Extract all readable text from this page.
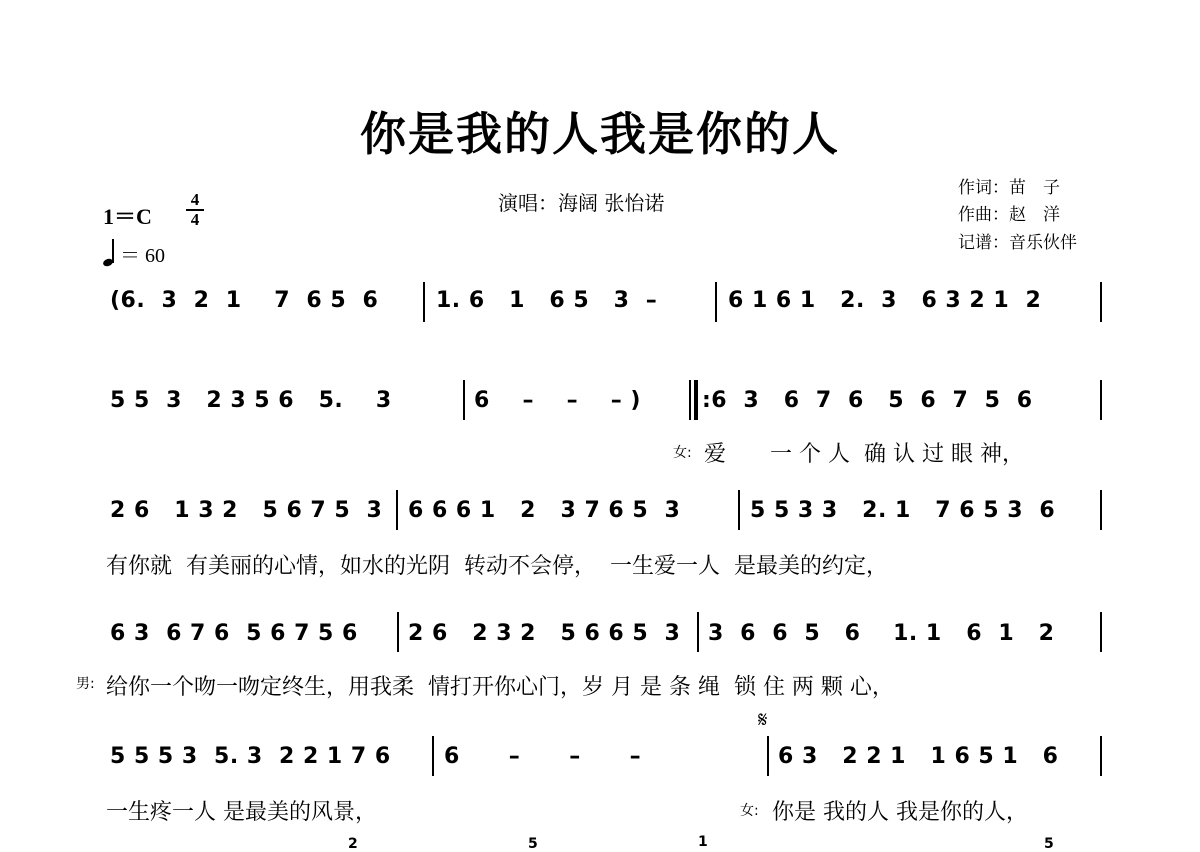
你是我的人我是你的人
演唱：海阔 张怡诺
作词：苗　子
作曲：赵　洋
记谱：音乐伙伴
1＝C
4
4
＝ 60
(6.  3  2  1    7  6 5  6	1. 6   1   6 5   3  –	6 1 6 1   2.  3   6 3 2 1  2
5 5  3   2 3 5 6   5.    3	6    –    –    – )	:6  3   6  7  6   5  6  7  5  6
女: 爱　　一 个 人  确 认 过 眼 神，
2 6   1 3 2   5 6 7 5  3 6 6 6 1   2   3 7 6 5  3	5 5 3 3   2. 1   7 6 5 3  6
有你就  有美丽的心情，如水的光阴  转动不会停，  一生爱一人  是最美的约定，
6 3  6 7 6  5 6 7 5 6 2 6   2 3 2   5 6 6 5  3 3  6  6  5   6    1. 1   6  1   2
男: 给你一个吻一吻定终生，用我柔  情打开你心门，岁 月 是 条 绳  锁 住 两 颗 心，
𝄋
5 5 5 3  5. 3  2 2 1 7 6 6      –      –      –	6 3   2 2 1   1 6 5 1   6
一生疼一人 是最美的风景，	女: 你是 我的人 我是你的人，
2	5	1	5
